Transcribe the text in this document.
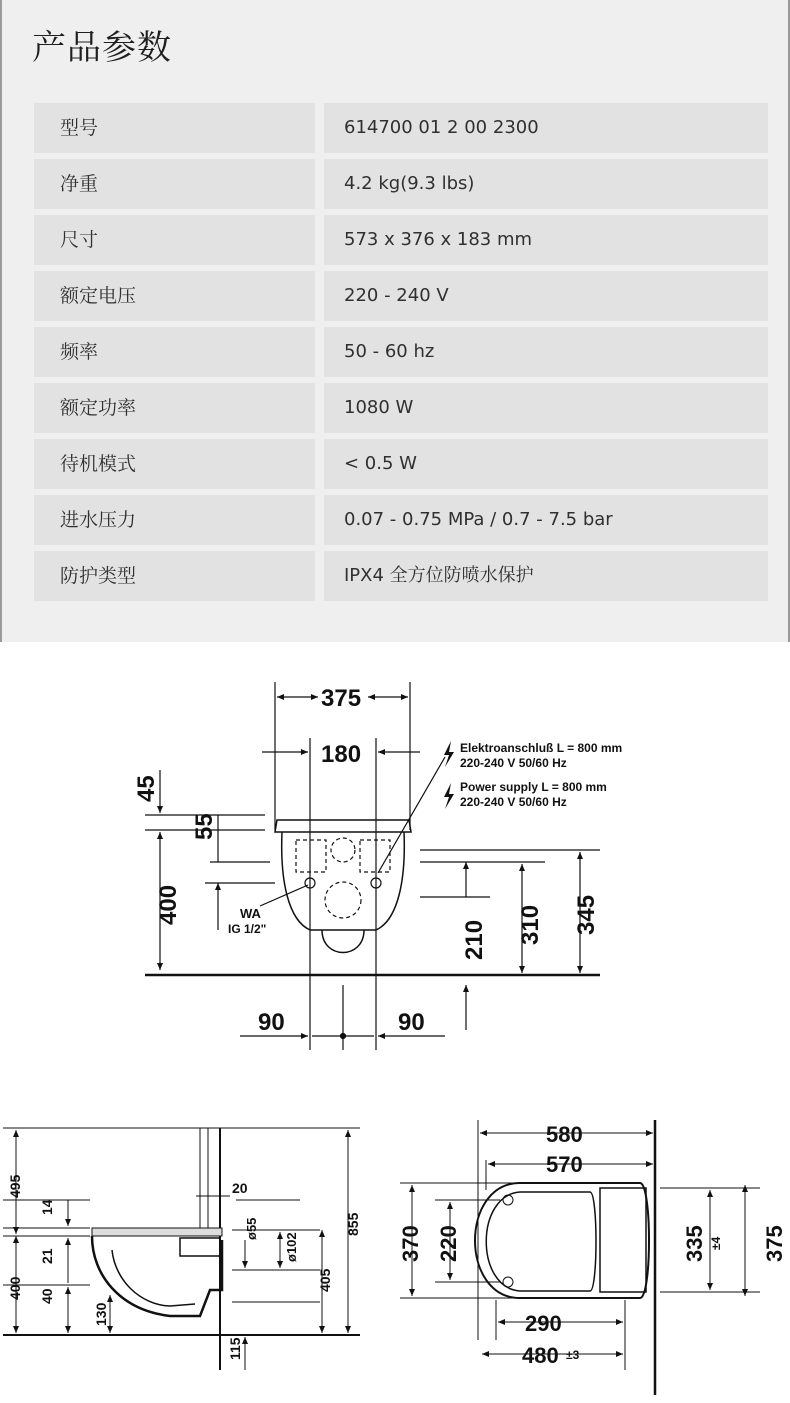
产品参数
型号	614700 01 2 00 2300
净重	4.2 kg(9.3 lbs)
尺寸	573 x 376 x 183 mm
额定电压	220 - 240 V
频率	50 - 60 hz
额定功率	1080 W
待机模式	< 0.5 W
进水压力	0.07 - 0.75 MPa / 0.7 - 7.5 bar
防护类型	IPX4 全方位防喷水保护
375
180
45
55
400
210 310 345
90	90
WA
IG 1/2"
Elektroanschluß L = 800 mm
220-240 V 50/60 Hz
Power supply L = 800 mm
220-240 V 50/60 Hz
495
400
14
21
40
130
115
20
ø55
ø102
405
855
580
570
370 220	335 ±4 375
290
480 ±3
